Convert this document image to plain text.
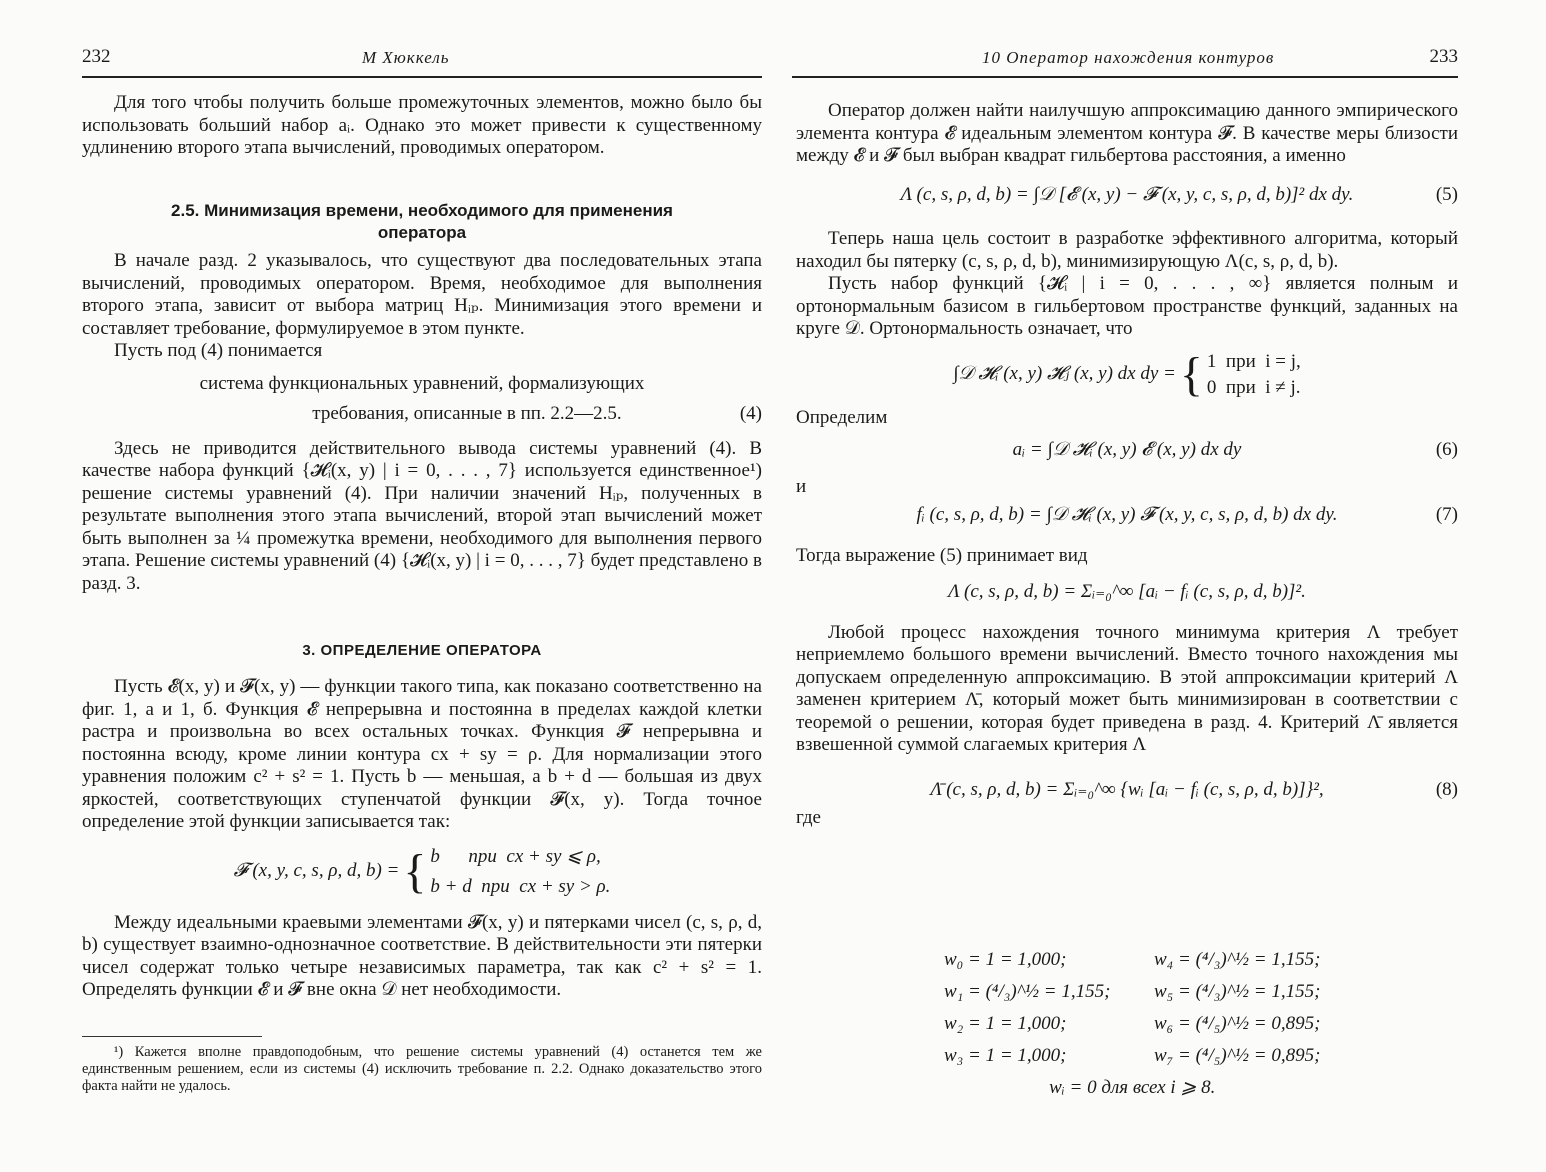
232	М Хюккель

Для того чтобы получить больше промежуточных элементов, можно было бы использовать больший набор aᵢ. Однако это может привести к существенному удлинению второго этапа вычислений, проводимых оператором.

2.5. Минимизация времени, необходимого для применения
оператора

В начале разд. 2 указывалось, что существуют два последовательных этапа вычислений, проводимых оператором. Время, необходимое для выполнения второго этапа, зависит от выбора матриц Hᵢₚ. Минимизация этого времени и составляет требование, формулируемое в этом пункте.

Пусть под (4) понимается

система функциональных уравнений, формализующих
требования, описанные в пп. 2.2—2.5.	(4)

Здесь не приводится действительного вывода системы уравнений (4). В качестве набора функций {𝓗ᵢ(x, y) | i = 0, . . . , 7} используется единственное¹) решение системы уравнений (4). При наличии значений Hᵢₚ, полученных в результате выполнения этого этапа вычислений, второй этап вычислений может быть выполнен за ¼ промежутка времени, необходимого для выполнения первого этапа. Решение системы уравнений (4) {𝓗ᵢ(x, y) | i = 0, . . . , 7} будет представлено в разд. 3.

3. ОПРЕДЕЛЕНИЕ ОПЕРАТОРА

Пусть 𝓔(x, y) и 𝓕(x, y) — функции такого типа, как показано соответственно на фиг. 1, а и 1, б. Функция 𝓔 непрерывна и постоянна в пределах каждой клетки растра и произвольна во всех остальных точках. Функция 𝓕 непрерывна и постоянна всюду, кроме линии контура cx + sy = ρ. Для нормализации этого уравнения положим c² + s² = 1. Пусть b — меньшая, а b + d — большая из двух яркостей, соответствующих ступенчатой функции 𝓕(x, y). Тогда точное определение этой функции записывается так:

𝓕 (x, y, c, s, ρ, d, b) = { b      при  cx + sy ⩽ ρ,
b + d  при  cx + sy > ρ.

Между идеальными краевыми элементами 𝓕(x, y) и пятерками чисел (c, s, ρ, d, b) существует взаимно-однозначное соответствие. В действительности эти пятерки чисел содержат только четыре независимых параметра, так как c² + s² = 1. Определять функции 𝓔 и 𝓕 вне окна 𝒟 нет необходимости.

¹) Кажется вполне правдоподобным, что решение системы уравнений (4) останется тем же единственным решением, если из системы (4) исключить требование п. 2.2. Однако доказательство этого факта найти не удалось.

10 Оператор нахождения контуров	233

Оператор должен найти наилучшую аппроксимацию данного эмпирического элемента контура 𝓔 идеальным элементом контура 𝓕. В качестве меры близости между 𝓔 и 𝓕 был выбран квадрат гильбертова расстояния, а именно

Λ (c, s, ρ, d, b) = ∫𝒟 [𝓔 (x, y) − 𝓕 (x, y, c, s, ρ, d, b)]² dx dy.	(5)

Теперь наша цель состоит в разработке эффективного алгоритма, который находил бы пятерку (c, s, ρ, d, b), минимизирующую Λ(c, s, ρ, d, b).

Пусть набор функций {𝓗ᵢ | i = 0, . . . , ∞} является полным и ортонормальным базисом в гильбертовом пространстве функций, заданных на круге 𝒟. Ортонормальность означает, что

∫𝒟 𝓗ᵢ (x, y) 𝓗ⱼ (x, y) dx dy = { 1  при  i = j,
0  при  i ≠ j.

Определим

aᵢ = ∫𝒟 𝓗ᵢ (x, y) 𝓔 (x, y) dx dy	(6)

и

fᵢ (c, s, ρ, d, b) = ∫𝒟 𝓗ᵢ (x, y) 𝓕 (x, y, c, s, ρ, d, b) dx dy.	(7)

Тогда выражение (5) принимает вид

Λ (c, s, ρ, d, b) = Σᵢ₌₀^∞ [aᵢ − fᵢ (c, s, ρ, d, b)]².

Любой процесс нахождения точного минимума критерия Λ требует неприемлемо большого времени вычислений. Вместо точного нахождения мы допускаем определенную аппроксимацию. В этой аппроксимации критерий Λ заменен критерием Λ̄, который может быть минимизирован в соответствии с теоремой о решении, которая будет приведена в разд. 4. Критерий Λ̄ является взвешенной суммой слагаемых критерия Λ

Λ̄ (c, s, ρ, d, b) = Σᵢ₌₀^∞ {wᵢ [aᵢ − fᵢ (c, s, ρ, d, b)]}²,	(8)

где

w₀ = 1 = 1,000;	w₄ = (⁴/₃)^½ = 1,155;
w₁ = (⁴/₃)^½ = 1,155;	w₅ = (⁴/₃)^½ = 1,155;
w₂ = 1 = 1,000;	w₆ = (⁴/₅)^½ = 0,895;
w₃ = 1 = 1,000;	w₇ = (⁴/₅)^½ = 0,895;
wᵢ = 0 для всех i ⩾ 8.
